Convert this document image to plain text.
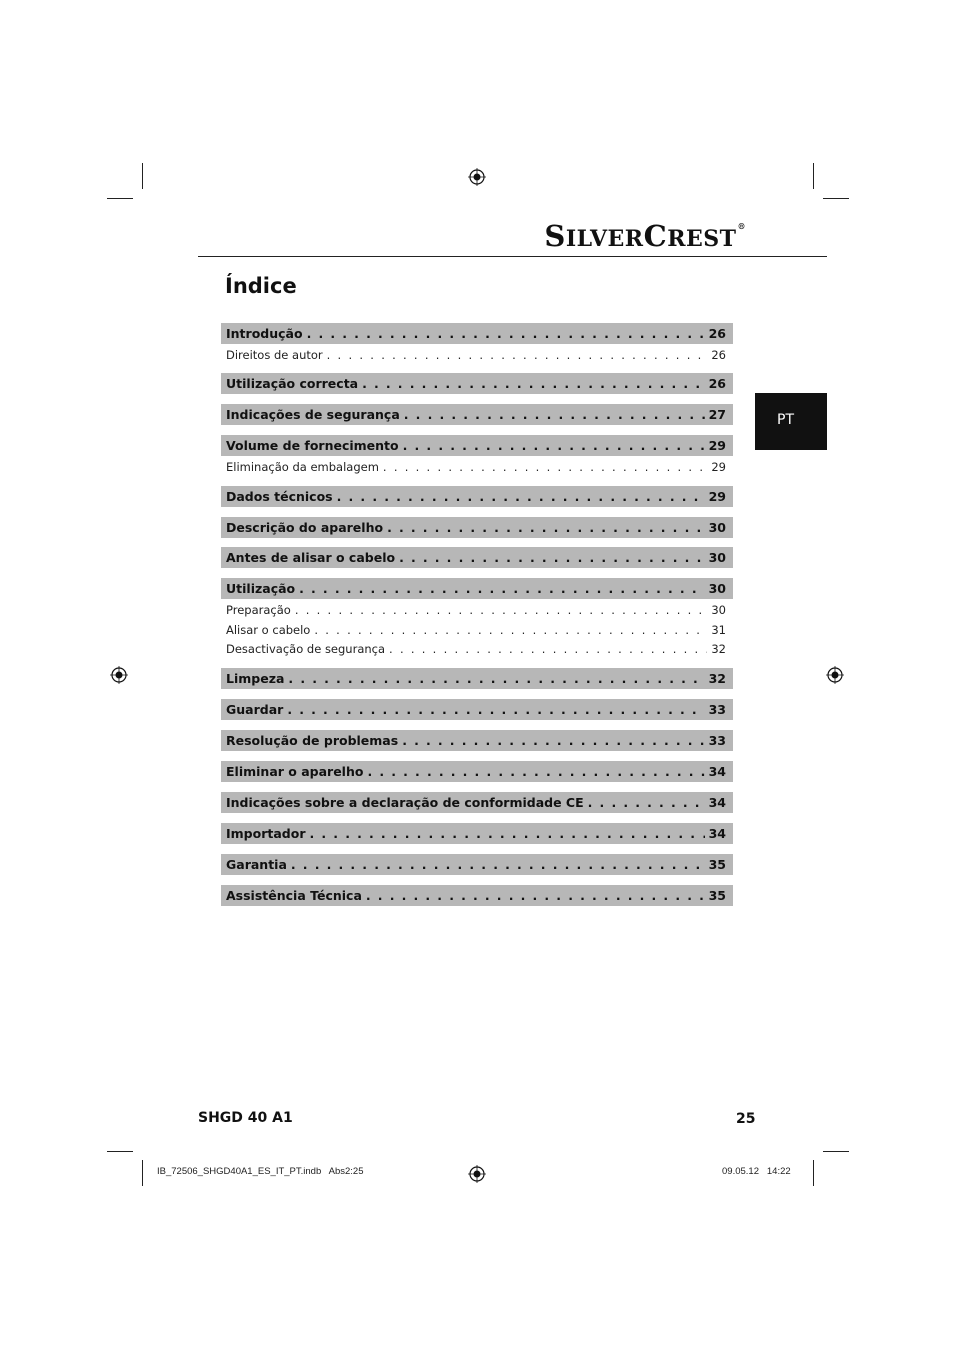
SILVERCREST®
Índice
PT
Introdução . . .	26
Direitos de autor . . .	26
Utilização correcta . . .	26
Indicações de segurança . . .	27
Volume de fornecimento . . .	29
Eliminação da embalagem . . .	29
Dados técnicos . . .	29
Descrição do aparelho . . .	30
Antes de alisar o cabelo . . .	30
Utilização . . .	30
Preparação . . .	30
Alisar o cabelo . . .	31
Desactivação de segurança . . .	32
Limpeza . . .	32
Guardar . . .	33
Resolução de problemas . . .	33
Eliminar o aparelho . . .	34
Indicações sobre a declaração de conformidade CE . . .	34
Importador . . .	34
Garantia . . .	35
Assistência Técnica . . .	35
SHGD 40 A1	25
IB_72506_SHGD40A1_ES_IT_PT.indb   Abs2:25	09.05.12   14:22
